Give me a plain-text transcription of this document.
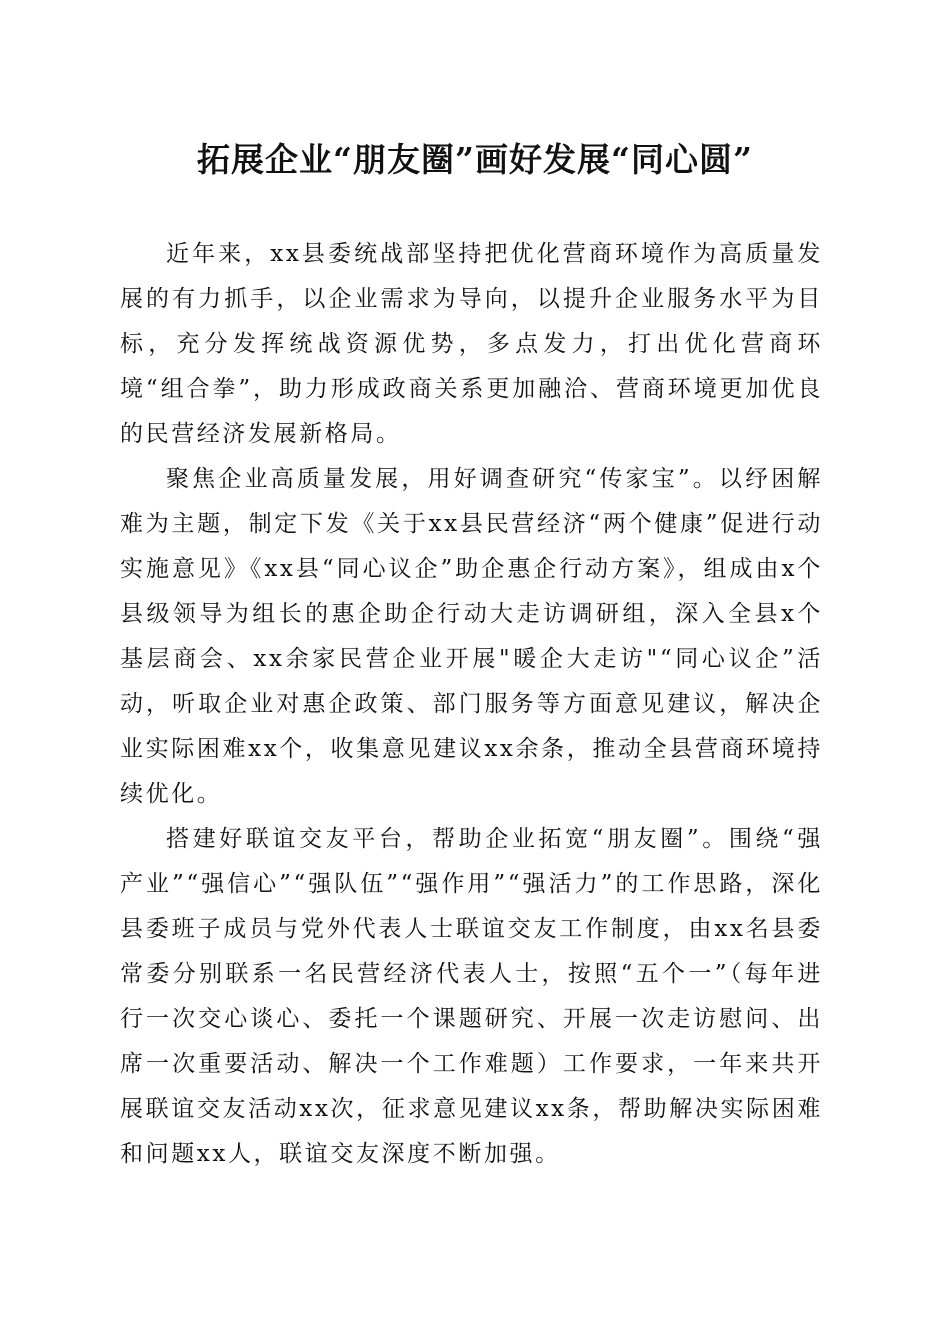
拓展企业“朋友圈”画好发展“同心圆”

近年来，xx县委统战部坚持把优化营商环境作为高质量发展的有力抓手，以企业需求为导向，以提升企业服务水平为目标，充分发挥统战资源优势，多点发力，打出优化营商环境“组合拳”，助力形成政商关系更加融洽、营商环境更加优良的民营经济发展新格局。

聚焦企业高质量发展，用好调查研究“传家宝”。以纾困解难为主题，制定下发《关于xx县民营经济“两个健康”促进行动实施意见》《xx县“同心议企”助企惠企行动方案》，组成由x个县级领导为组长的惠企助企行动大走访调研组，深入全县x个基层商会、xx余家民营企业开展"暖企大走访"“同心议企”活动，听取企业对惠企政策、部门服务等方面意见建议，解决企业实际困难xx个，收集意见建议xx余条，推动全县营商环境持续优化。

搭建好联谊交友平台，帮助企业拓宽“朋友圈”。围绕“强产业”“强信心”“强队伍”“强作用”“强活力”的工作思路，深化县委班子成员与党外代表人士联谊交友工作制度，由xx名县委常委分别联系一名民营经济代表人士，按照“五个一”（每年进行一次交心谈心、委托一个课题研究、开展一次走访慰问、出席一次重要活动、解决一个工作难题）工作要求，一年来共开展联谊交友活动xx次，征求意见建议xx条，帮助解决实际困难和问题xx人，联谊交友深度不断加强。
